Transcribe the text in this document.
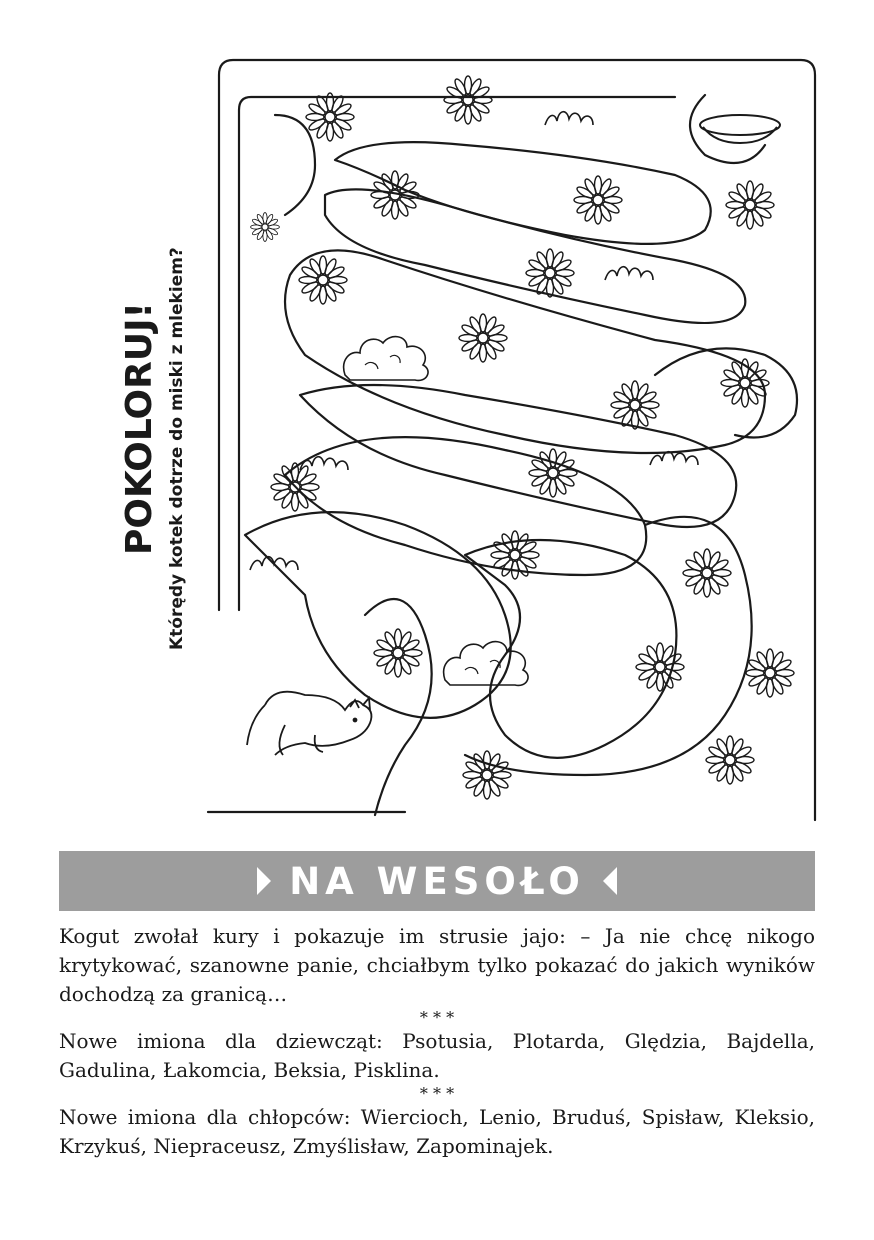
POKOLORUJ! Którędy kotek dotrze do miski z mlekiem?
NA WESOŁO

Kogut zwołał kury i pokazuje im strusie jajo: – Ja nie chcę nikogo krytykować, szanowne panie, chciałbym tylko pokazać do jakich wyników dochodzą za granicą…

* * *

Nowe imiona dla dziewcząt: Psotusia, Plotarda, Ględzia, Bajdella, Gadulina, Łakomcia, Beksia, Pisklina.

* * *

Nowe imiona dla chłopców: Wiercioch, Lenio, Bruduś, Spisław, Kleksio, Krzykuś, Niepraceusz, Zmyślisław, Zapominajek.
